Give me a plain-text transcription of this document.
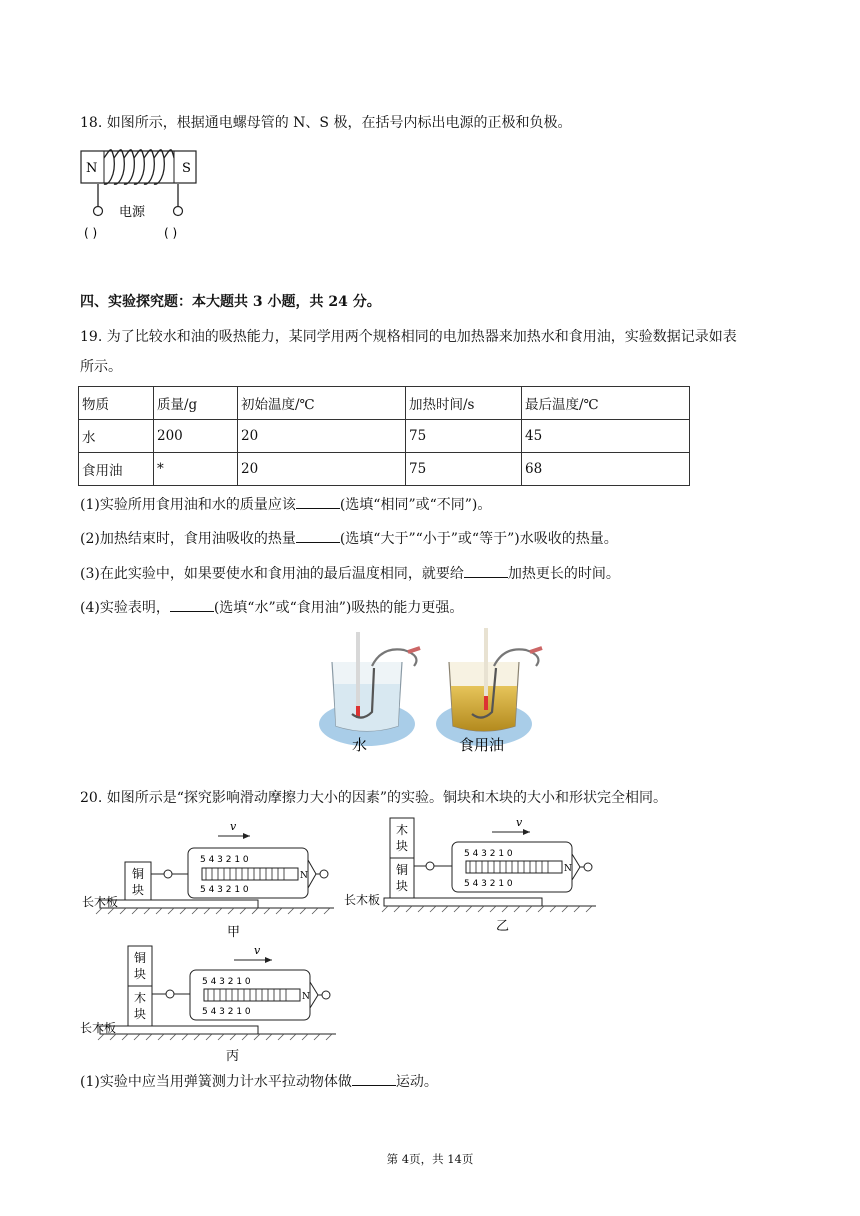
18. 如图所示，根据通电螺母管的 N、S 极，在括号内标出电源的正极和负极。
N	S
电源
( )	( )
四、实验探究题：本大题共 3 小题，共 24 分。
19. 为了比较水和油的吸热能力，某同学用两个规格相同的电加热器来加热水和食用油，实验数据记录如表
所示。
物质	质量/g	初始温度/℃	加热时间/s	最后温度/℃
水	200	20	75	45
食用油	*	20	75	68
(1)实验所用食用油和水的质量应该	(选填“相同”或“不同”)。
(2)加热结束时，食用油吸收的热量	(选填“大于”“小于”或“等于”)水吸收的热量。
(3)在此实验中，如果要使水和食用油的最后温度相同，就要给	加热更长的时间。
(4)实验表明，	(选填“水”或“食用油”)吸热的能力更强。
水	食用油
20. 如图所示是“探究影响滑动摩擦力大小的因素”的实验。铜块和木块的大小和形状完全相同。
v
铜
块
5 4 3 2 1 0
5 4 3 2 1 0
N
长木板
甲
v
木
块
铜
块
5 4 3 2 1 0
5 4 3 2 1 0
N
长木板
乙
v
铜
块
木
块
5 4 3 2 1 0
5 4 3 2 1 0
N
长木板
丙
(1)实验中应当用弹簧测力计水平拉动物体做	运动。
第 4页，共 14页
